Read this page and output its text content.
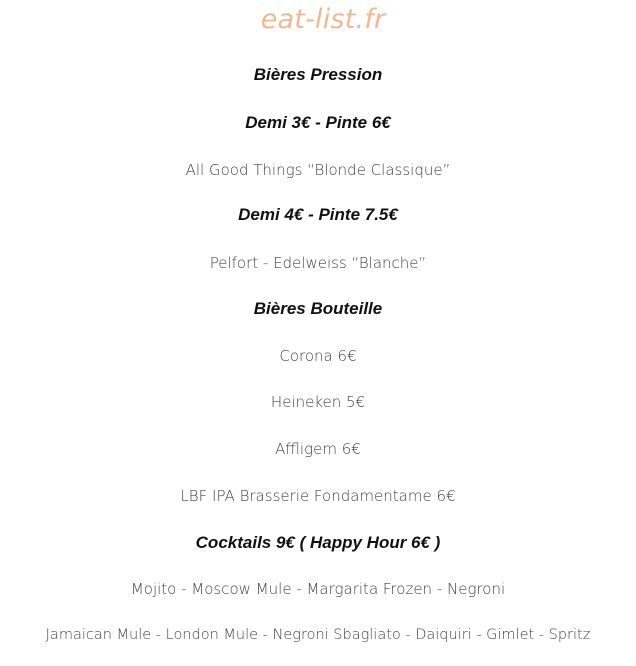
eat-list.fr
Bières Pression
Demi 3€ - Pinte 6€
All Good Things “Blonde Classique”
Demi 4€ - Pinte 7.5€
Pelfort - Edelweiss “Blanche”
Bières Bouteille
Corona 6€
Heineken 5€
Affligem 6€
LBF IPA Brasserie Fondamentame 6€
Cocktails 9€ ( Happy Hour 6€ )
Mojito - Moscow Mule - Margarita Frozen - Negroni
Jamaican Mule - London Mule - Negroni Sbagliato - Daiquiri - Gimlet - Spritz
